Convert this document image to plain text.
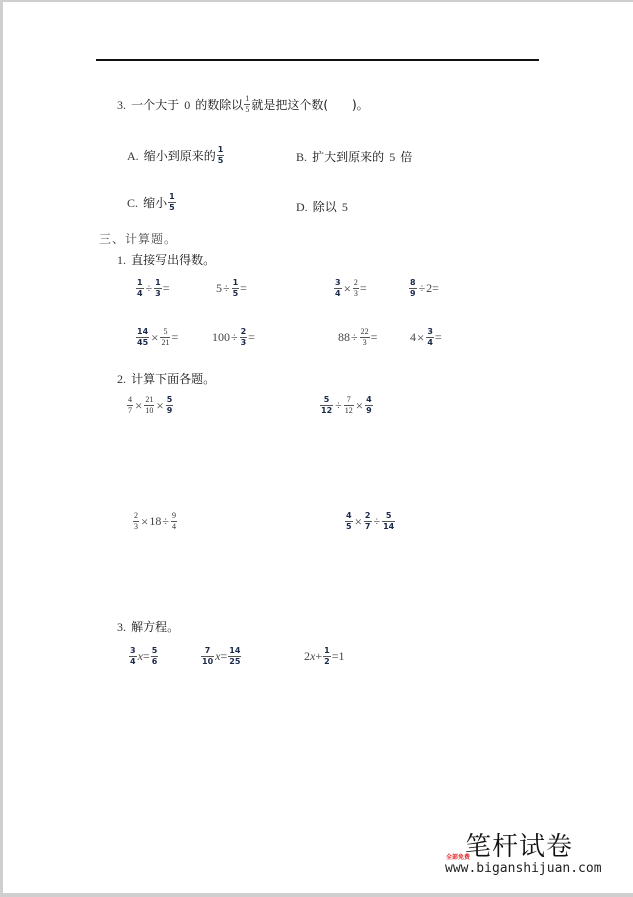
3. 一个大于 0 的数除以 $\frac{1}{5}$ 就是把这个数(　　)。
A. 缩小到原来的 $\frac{1}{5}$	B. 扩大到原来的 5 倍
C. 缩小 $\frac{1}{5}$	D. 除以 5
三、计算题。
1. 直接写出得数。
$\frac{1}{4} \div \frac{1}{3}$ =	$5 \div \frac{1}{5}$ =	$\frac{3}{4} \times \frac{2}{3}$ =	$\frac{8}{9} \div 2$ =
$\frac{14}{45} \times \frac{5}{21}$ =	$100 \div \frac{2}{3}$ =	$88 \div \frac{22}{3}$ =	$4 \times \frac{3}{4}$ =
2. 计算下面各题。
$\frac{4}{7} \times \frac{21}{10} \times \frac{5}{9}$	$\frac{5}{12} \div \frac{7}{12} \times \frac{4}{9}$
$\frac{2}{3} \times 18 \div \frac{9}{4}$	$\frac{4}{5} \times \frac{2}{7} \div \frac{5}{14}$
3. 解方程。
$\frac{3}{4}$ $x = \frac{5}{6}$	$\frac{7}{10}$ $x = \frac{14}{25}$	2 $x + \frac{1}{2} = 1$
笔杆试卷
全部免费
www.biganshijuan.com
